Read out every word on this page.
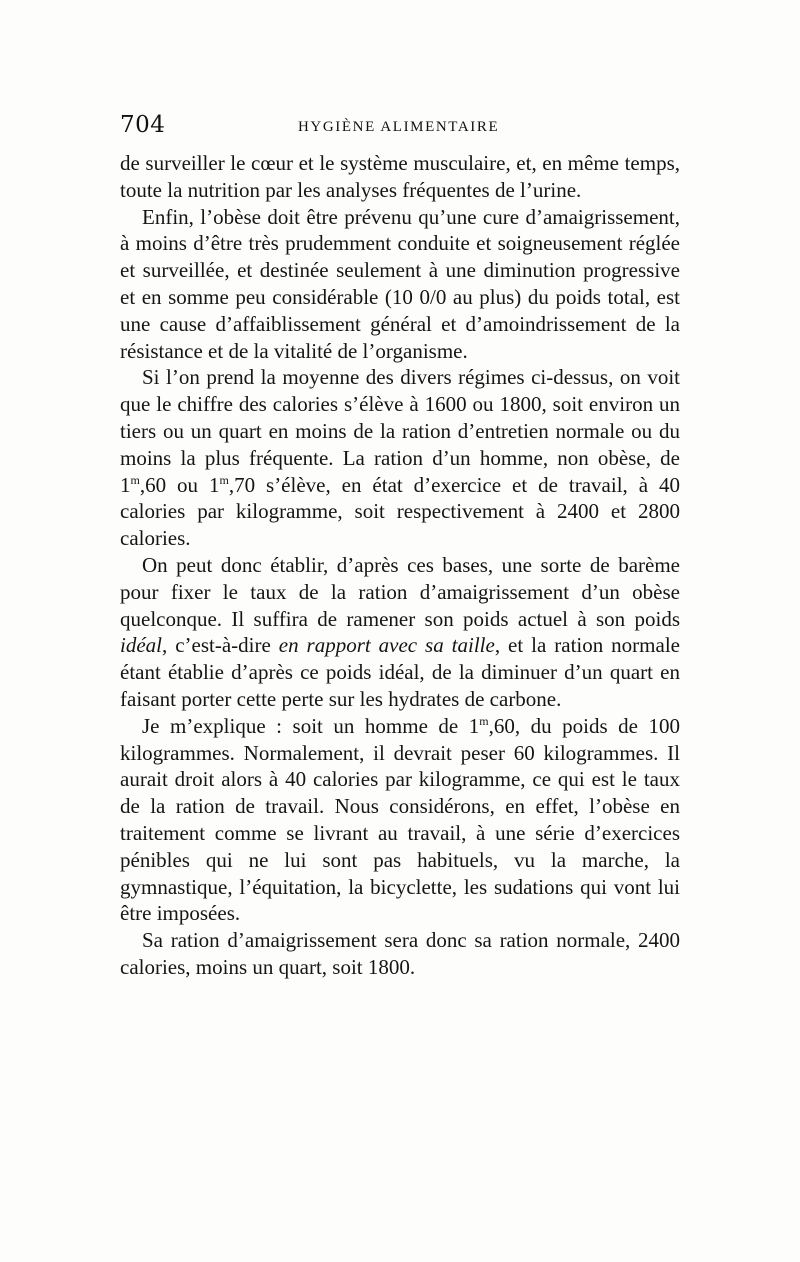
704	HYGIÈNE ALIMENTAIRE

de surveiller le cœur et le système musculaire, et, en même temps, toute la nutrition par les analyses fréquentes de l’urine.

Enfin, l’obèse doit être prévenu qu’une cure d’amaigrissement, à moins d’être très prudemment conduite et soigneusement réglée et surveillée, et destinée seulement à une diminution progressive et en somme peu considérable (10 0/0 au plus) du poids total, est une cause d’affaiblissement général et d’amoindrissement de la résistance et de la vitalité de l’organisme.

Si l’on prend la moyenne des divers régimes ci-dessus, on voit que le chiffre des calories s’élève à 1600 ou 1800, soit environ un tiers ou un quart en moins de la ration d’entretien normale ou du moins la plus fréquente. La ration d’un homme, non obèse, de 1$^m$,60 ou 1$^m$,70 s’élève, en état d’exercice et de travail, à 40 calories par kilogramme, soit respectivement à 2400 et 2800 calories.

On peut donc établir, d’après ces bases, une sorte de barème pour fixer le taux de la ration d’amaigrissement d’un obèse quelconque. Il suffira de ramener son poids actuel à son poids idéal, c’est-à-dire en rapport avec sa taille, et la ration normale étant établie d’après ce poids idéal, de la diminuer d’un quart en faisant porter cette perte sur les hydrates de carbone.

Je m’explique : soit un homme de 1$^m$,60, du poids de 100 kilogrammes. Normalement, il devrait peser 60 kilogrammes. Il aurait droit alors à 40 calories par kilogramme, ce qui est le taux de la ration de travail. Nous considérons, en effet, l’obèse en traitement comme se livrant au travail, à une série d’exercices pénibles qui ne lui sont pas habituels, vu la marche, la gymnastique, l’équitation, la bicyclette, les sudations qui vont lui être imposées.

Sa ration d’amaigrissement sera donc sa ration normale, 2400 calories, moins un quart, soit 1800.
